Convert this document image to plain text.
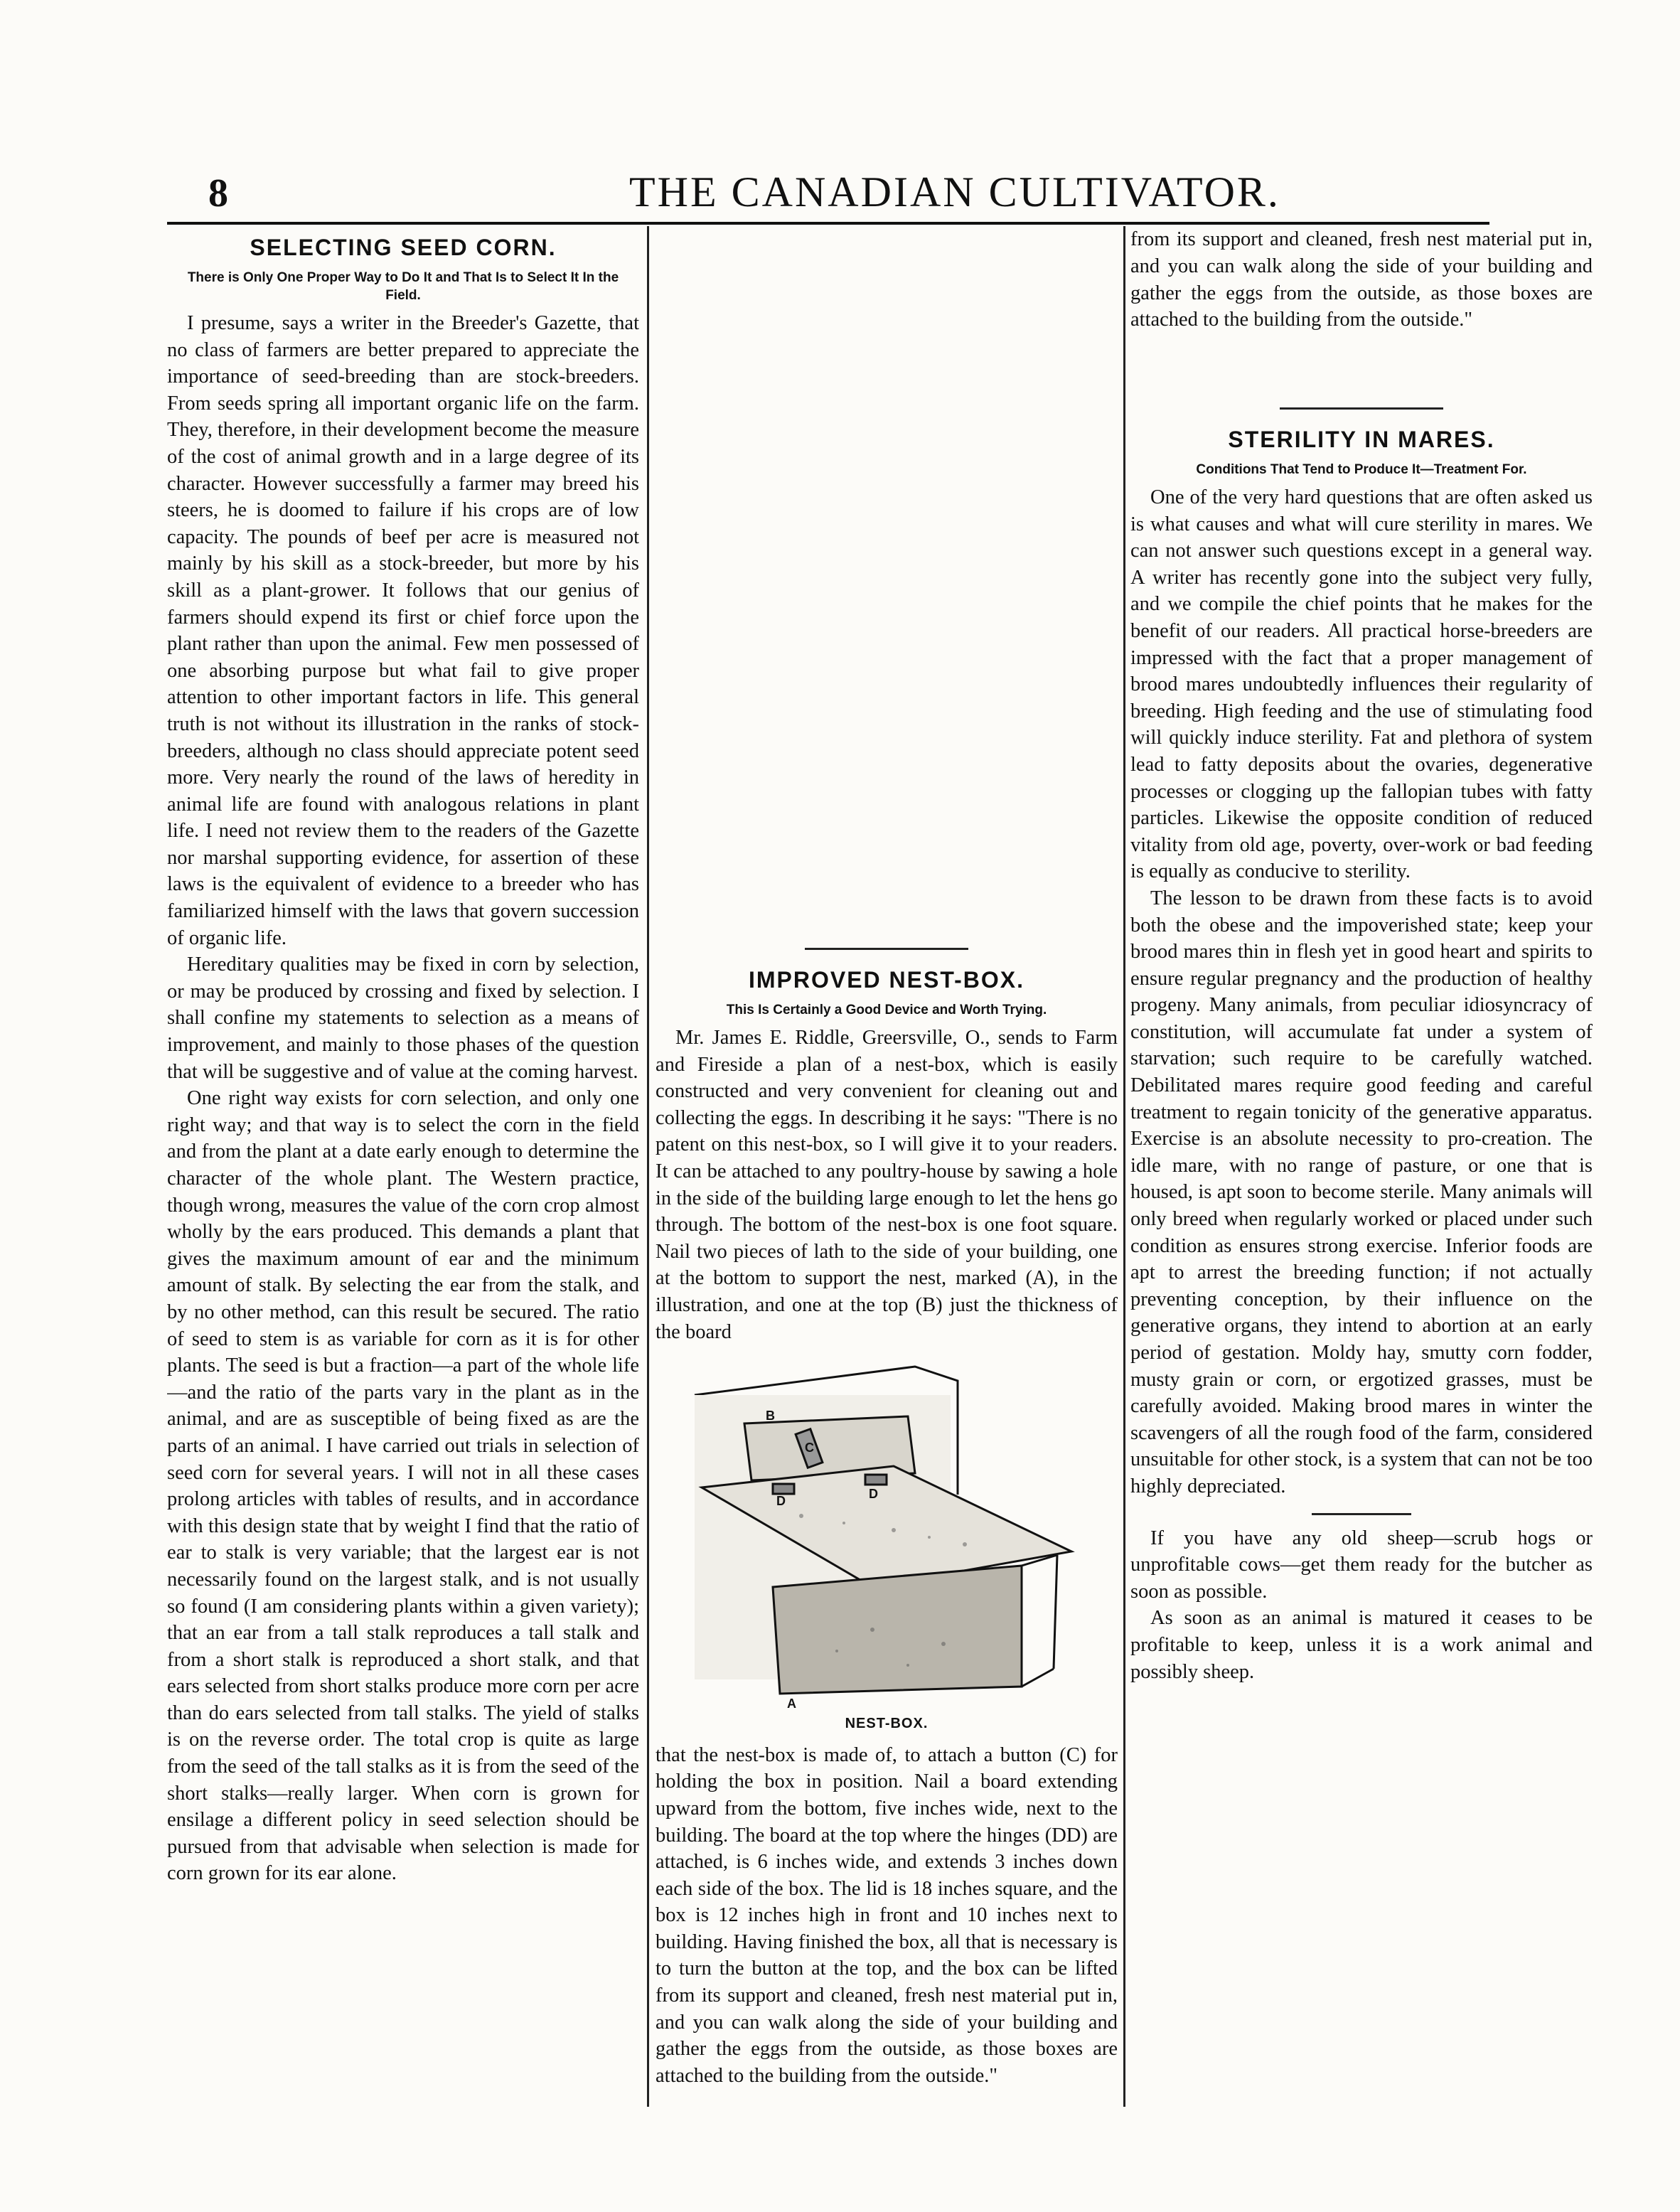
8	THE CANADIAN CULTIVATOR.
SELECTING SEED CORN.
There is Only One Proper Way to Do It and That Is to Select It In the Field.

I presume, says a writer in the Breeder's Gazette, that no class of farmers are better prepared to appreciate the importance of seed-breeding than are stock-breeders. From seeds spring all important organic life on the farm. They, therefore, in their development become the measure of the cost of animal growth and in a large degree of its character. However successfully a farmer may breed his steers, he is doomed to failure if his crops are of low capacity. The pounds of beef per acre is measured not mainly by his skill as a stock-breeder, but more by his skill as a plant-grower. It follows that our genius of farmers should expend its first or chief force upon the plant rather than upon the animal. Few men possessed of one absorbing purpose but what fail to give proper attention to other important factors in life. This general truth is not without its illustration in the ranks of stock-breeders, although no class should appreciate potent seed more. Very nearly the round of the laws of heredity in animal life are found with analogous relations in plant life. I need not review them to the readers of the Gazette nor marshal supporting evidence, for assertion of these laws is the equivalent of evidence to a breeder who has familiarized himself with the laws that govern succession of organic life.

Hereditary qualities may be fixed in corn by selection, or may be produced by crossing and fixed by selection. I shall confine my statements to selection as a means of improvement, and mainly to those phases of the question that will be suggestive and of value at the coming harvest.

One right way exists for corn selection, and only one right way; and that way is to select the corn in the field and from the plant at a date early enough to determine the character of the whole plant. The Western practice, though wrong, measures the value of the corn crop almost wholly by the ears produced. This demands a plant that gives the maximum amount of ear and the minimum amount of stalk. By selecting the ear from the stalk, and by no other method, can this result be secured. The ratio of seed to stem is as variable for corn as it is for other plants. The seed is but a fraction—a part of the whole life—and the ratio of the parts vary in the plant as in the animal, and are as susceptible of being fixed as are the parts of an animal. I have carried out trials in selection of seed corn for several years. I will not in all these cases prolong articles with tables of results, and in accordance with this design state that by weight I find that the ratio of ear to stalk is very variable; that the largest ear is not necessarily found on the largest stalk, and is not usually so found (I am considering plants within a given variety); that an ear from a tall stalk reproduces a tall stalk and from a short stalk is reproduced a short stalk, and that ears selected from short stalks produce more corn per acre than do ears selected from tall stalks. The yield of stalks is on the reverse order. The total crop is quite as large from the seed of the tall stalks as it is from the seed of the short stalks—really larger. When corn is grown for ensilage a different policy in seed selection should be pursued from that advisable when selection is made for corn grown for its ear alone.

IMPROVED NEST-BOX.
This Is Certainly a Good Device and Worth Trying.

Mr. James E. Riddle, Greersville, O., sends to Farm and Fireside a plan of a nest-box, which is easily constructed and very convenient for cleaning out and collecting the eggs. In describing it he says: "There is no patent on this nest-box, so I will give it to your readers. It can be attached to any poultry-house by sawing a hole in the side of the building large enough to let the hens go through. The bottom of the nest-box is one foot square. Nail two pieces of lath to the side of your building, one at the bottom to support the nest, marked (A), in the illustration, and one at the top (B) just the thickness of the board

B
C
D	D
A
NEST-BOX.

that the nest-box is made of, to attach a button (C) for holding the box in position. Nail a board extending upward from the bottom, five inches wide, next to the building. The board at the top where the hinges (DD) are attached, is 6 inches wide, and extends 3 inches down each side of the box. The lid is 18 inches square, and the box is 12 inches high in front and 10 inches next to building. Having finished the box, all that is necessary is to turn the button at the top, and the box can be lifted from its support and cleaned, fresh nest material put in, and you can walk along the side of your building and gather the eggs from the outside, as those boxes are attached to the building from the outside."

from its support and cleaned, fresh nest material put in, and you can walk along the side of your building and gather the eggs from the outside, as those boxes are attached to the building from the outside."

STERILITY IN MARES.
Conditions That Tend to Produce It—Treatment For.

One of the very hard questions that are often asked us is what causes and what will cure sterility in mares. We can not answer such questions except in a general way. A writer has recently gone into the subject very fully, and we compile the chief points that he makes for the benefit of our readers. All practical horse-breeders are impressed with the fact that a proper management of brood mares undoubtedly influences their regularity of breeding. High feeding and the use of stimulating food will quickly induce sterility. Fat and plethora of system lead to fatty deposits about the ovaries, degenerative processes or clogging up the fallopian tubes with fatty particles. Likewise the opposite condition of reduced vitality from old age, poverty, over-work or bad feeding is equally as conducive to sterility.

The lesson to be drawn from these facts is to avoid both the obese and the impoverished state; keep your brood mares thin in flesh yet in good heart and spirits to ensure regular pregnancy and the production of healthy progeny. Many animals, from peculiar idiosyncracy of constitution, will accumulate fat under a system of starvation; such require to be carefully watched. Debilitated mares require good feeding and careful treatment to regain tonicity of the generative apparatus. Exercise is an absolute necessity to pro-creation. The idle mare, with no range of pasture, or one that is housed, is apt soon to become sterile. Many animals will only breed when regularly worked or placed under such condition as ensures strong exercise. Inferior foods are apt to arrest the breeding function; if not actually preventing conception, by their influence on the generative organs, they intend to abortion at an early period of gestation. Moldy hay, smutty corn fodder, musty grain or corn, or ergotized grasses, must be carefully avoided. Making brood mares in winter the scavengers of all the rough food of the farm, considered unsuitable for other stock, is a system that can not be too highly depreciated.

If you have any old sheep—scrub hogs or unprofitable cows—get them ready for the butcher as soon as possible.

As soon as an animal is matured it ceases to be profitable to keep, unless it is a work animal and possibly sheep.
